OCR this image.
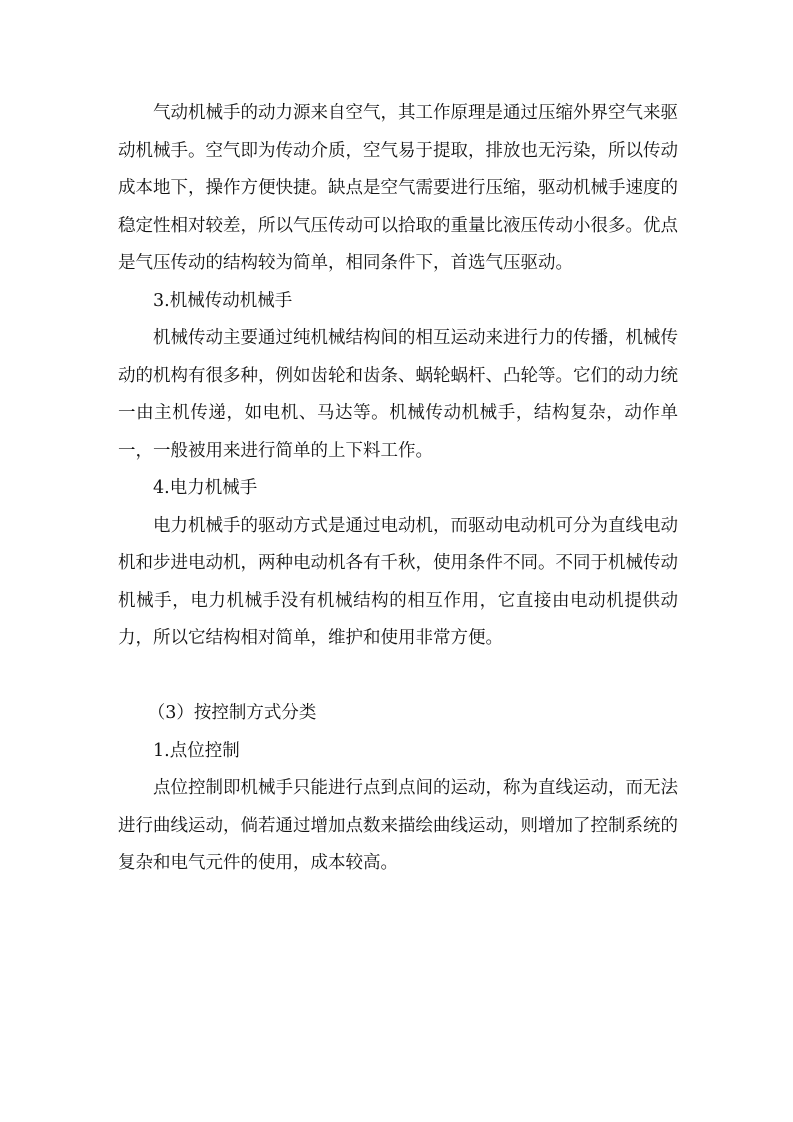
气动机械手的动力源来自空气，其工作原理是通过压缩外界空气来驱动机械手。空气即为传动介质，空气易于提取，排放也无污染，所以传动成本地下，操作方便快捷。缺点是空气需要进行压缩，驱动机械手速度的稳定性相对较差，所以气压传动可以拾取的重量比液压传动小很多。优点是气压传动的结构较为简单，相同条件下，首选气压驱动。

3.机械传动机械手

机械传动主要通过纯机械结构间的相互运动来进行力的传播，机械传动的机构有很多种，例如齿轮和齿条、蜗轮蜗杆、凸轮等。它们的动力统一由主机传递，如电机、马达等。机械传动机械手，结构复杂，动作单一，一般被用来进行简单的上下料工作。

4.电力机械手

电力机械手的驱动方式是通过电动机，而驱动电动机可分为直线电动机和步进电动机，两种电动机各有千秋，使用条件不同。不同于机械传动机械手，电力机械手没有机械结构的相互作用，它直接由电动机提供动力，所以它结构相对简单，维护和使用非常方便。

（3）按控制方式分类

1.点位控制

点位控制即机械手只能进行点到点间的运动，称为直线运动，而无法进行曲线运动，倘若通过增加点数来描绘曲线运动，则增加了控制系统的复杂和电气元件的使用，成本较高。
